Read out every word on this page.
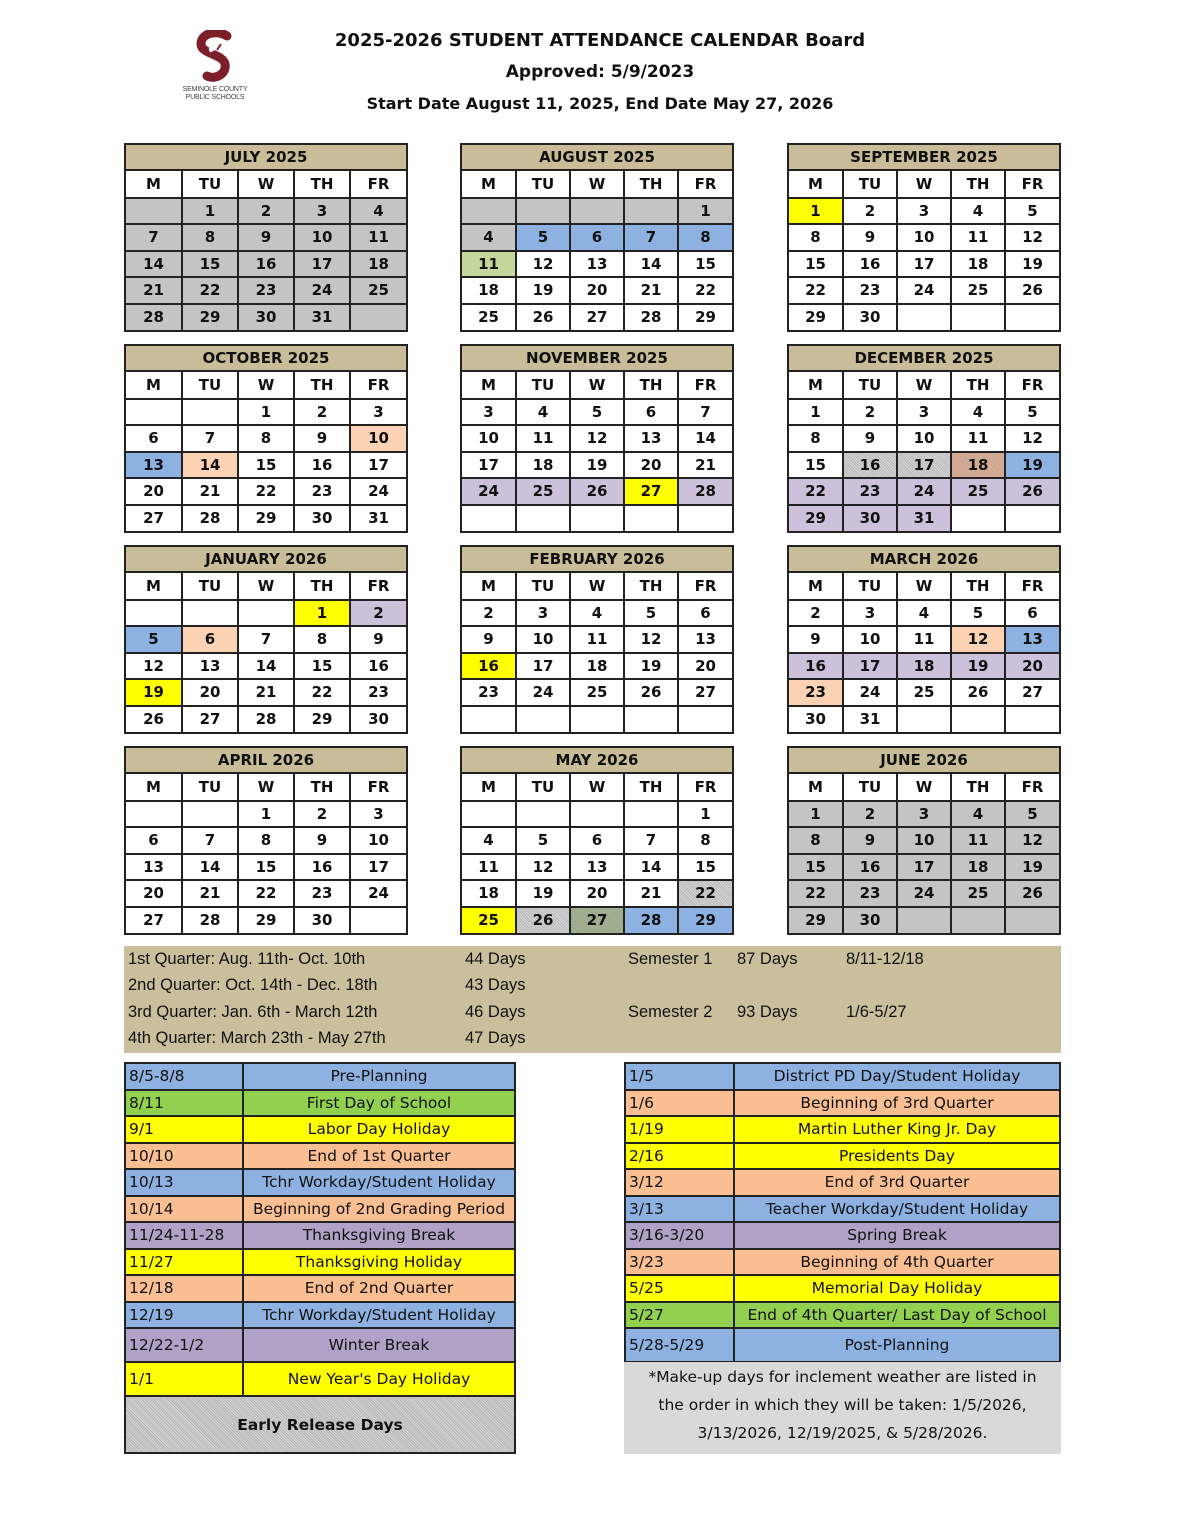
SEMINOLE COUNTY
PUBLIC SCHOOLS
2025-2026 STUDENT ATTENDANCE CALENDAR Board
Approved: 5/9/2023
Start Date August 11, 2025, End Date May 27, 2026
JULY 2025
M	TU	W	TH	FR
	1	2	3	4
7	8	9	10	11
14	15	16	17	18
21	22	23	24	25
28	29	30	31	
AUGUST 2025
M	TU	W	TH	FR
				1
4	5	6	7	8
11	12	13	14	15
18	19	20	21	22
25	26	27	28	29
SEPTEMBER 2025
M	TU	W	TH	FR
1	2	3	4	5
8	9	10	11	12
15	16	17	18	19
22	23	24	25	26
29	30			
OCTOBER 2025
M	TU	W	TH	FR
		1	2	3
6	7	8	9	10
13	14	15	16	17
20	21	22	23	24
27	28	29	30	31
NOVEMBER 2025
M	TU	W	TH	FR
3	4	5	6	7
10	11	12	13	14
17	18	19	20	21
24	25	26	27	28

DECEMBER 2025
M	TU	W	TH	FR
1	2	3	4	5
8	9	10	11	12
15	16	17	18	19
22	23	24	25	26
29	30	31		
JANUARY 2026
M	TU	W	TH	FR
			1	2
5	6	7	8	9
12	13	14	15	16
19	20	21	22	23
26	27	28	29	30
FEBRUARY 2026
M	TU	W	TH	FR
2	3	4	5	6
9	10	11	12	13
16	17	18	19	20
23	24	25	26	27

MARCH 2026
M	TU	W	TH	FR
2	3	4	5	6
9	10	11	12	13
16	17	18	19	20
23	24	25	26	27
30	31			
APRIL 2026
M	TU	W	TH	FR
		1	2	3
6	7	8	9	10
13	14	15	16	17
20	21	22	23	24
27	28	29	30	
MAY 2026
M	TU	W	TH	FR
				1
4	5	6	7	8
11	12	13	14	15
18	19	20	21	22
25	26	27	28	29
JUNE 2026
M	TU	W	TH	FR
1	2	3	4	5
8	9	10	11	12
15	16	17	18	19
22	23	24	25	26
29	30			
1st Quarter: Aug. 11th- Oct. 10th	44 Days	Semester 1 87 Days	8/11-12/18
2nd Quarter: Oct. 14th - Dec. 18th	43 Days
3rd Quarter: Jan. 6th - March 12th	46 Days	Semester 2 93 Days	1/6-5/27
4th Quarter: March 23th - May 27th	47 Days
8/5-8/8	Pre-Planning
8/11	First Day of School
9/1	Labor Day Holiday
10/10	End of 1st Quarter
10/13	Tchr Workday/Student Holiday
10/14	Beginning of 2nd Grading Period
11/24-11-28	Thanksgiving Break
11/27	Thanksgiving Holiday
12/18	End of 2nd Quarter
12/19	Tchr Workday/Student Holiday
12/22-1/2	Winter Break
1/1	New Year's Day Holiday
Early Release Days	
1/5	District PD Day/Student Holiday
1/6	Beginning of 3rd Quarter
1/19	Martin Luther King Jr. Day
2/16	Presidents Day
3/12	End of 3rd Quarter
3/13	Teacher Workday/Student Holiday
3/16-3/20	Spring Break
3/23	Beginning of 4th Quarter
5/25	Memorial Day Holiday
5/27	End of 4th Quarter/ Last Day of School
5/28-5/29	Post-Planning
*Make-up days for inclement weather are listed in
the order in which they will be taken: 1/5/2026,
3/13/2026, 12/19/2025, & 5/28/2026.
